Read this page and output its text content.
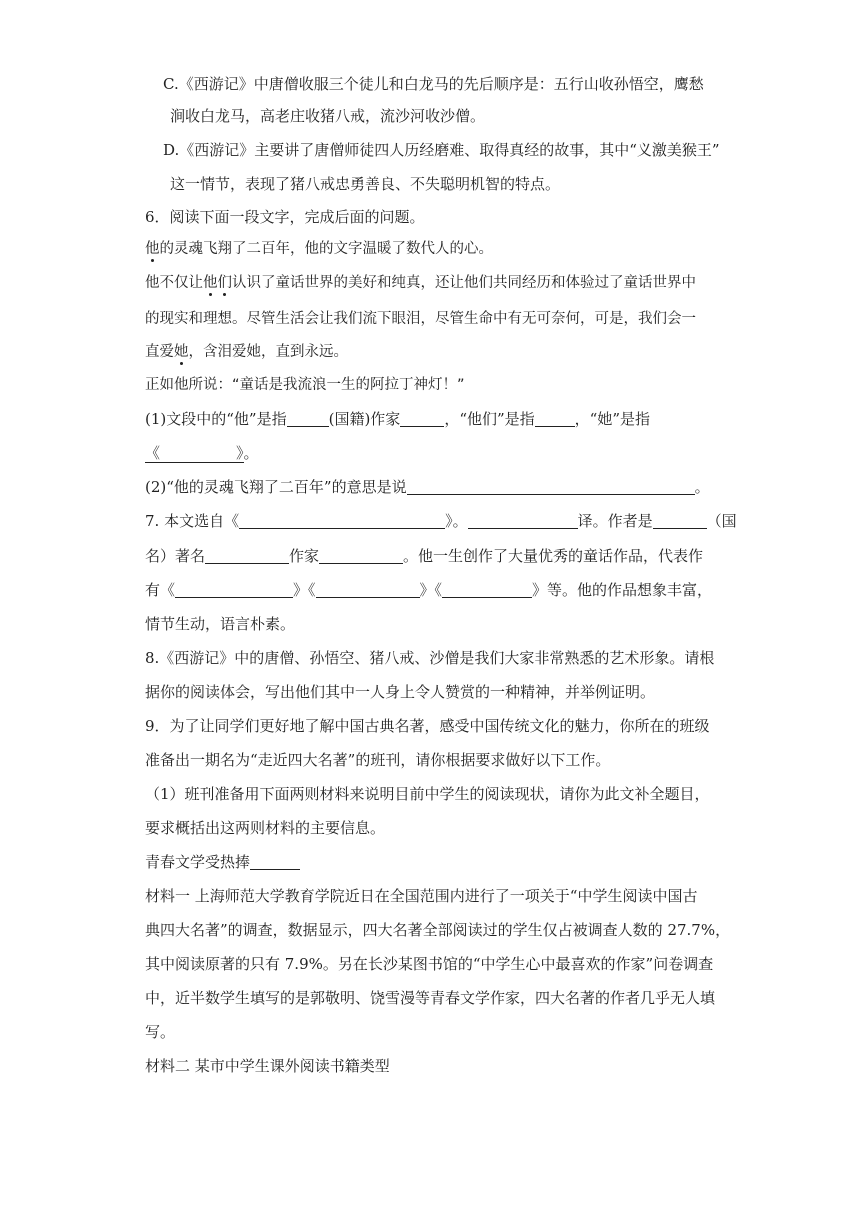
C.《西游记》中唐僧收服三个徒儿和白龙马的先后顺序是：五行山收孙悟空，鹰愁
涧收白龙马，高老庄收猪八戒，流沙河收沙僧。
D.《西游记》主要讲了唐僧师徒四人历经磨难、取得真经的故事，其中“义激美猴王”
这一情节，表现了猪八戒忠勇善良、不失聪明机智的特点。
6．阅读下面一段文字，完成后面的问题。
他的灵魂飞翔了二百年，他的文字温暖了数代人的心。
他不仅让他们认识了童话世界的美好和纯真，还让他们共同经历和体验过了童话世界中
的现实和理想。尽管生活会让我们流下眼泪，尽管生命中有无可奈何，可是，我们会一
直爱她，含泪爱她，直到永远。
正如他所说：“童话是我流浪一生的阿拉丁神灯！”
(1)文段中的“他”是指	(国籍)作家	，“他们”是指	，“她”是指
《	》。
(2)“他的灵魂飞翔了二百年”的意思是说	。
7. 本文选自《	》。	译。作者是	（国
名）著名	作家	。他一生创作了大量优秀的童话作品，代表作
有《	》《	》《	》等。他的作品想象丰富，
情节生动，语言朴素。
8.《西游记》中的唐僧、孙悟空、猪八戒、沙僧是我们大家非常熟悉的艺术形象。请根
据你的阅读体会，写出他们其中一人身上令人赞赏的一种精神，并举例证明。
9．为了让同学们更好地了解中国古典名著，感受中国传统文化的魅力，你所在的班级
准备出一期名为“走近四大名著”的班刊，请你根据要求做好以下工作。
（1）班刊准备用下面两则材料来说明目前中学生的阅读现状，请你为此文补全题目，
要求概括出这两则材料的主要信息。
青春文学受热捧
材料一 上海师范大学教育学院近日在全国范围内进行了一项关于“中学生阅读中国古
典四大名著”的调查，数据显示，四大名著全部阅读过的学生仅占被调查人数的 27.7%，
其中阅读原著的只有 7.9%。另在长沙某图书馆的“中学生心中最喜欢的作家”问卷调查
中，近半数学生填写的是郭敬明、饶雪漫等青春文学作家，四大名著的作者几乎无人填
写。
材料二 某市中学生课外阅读书籍类型
